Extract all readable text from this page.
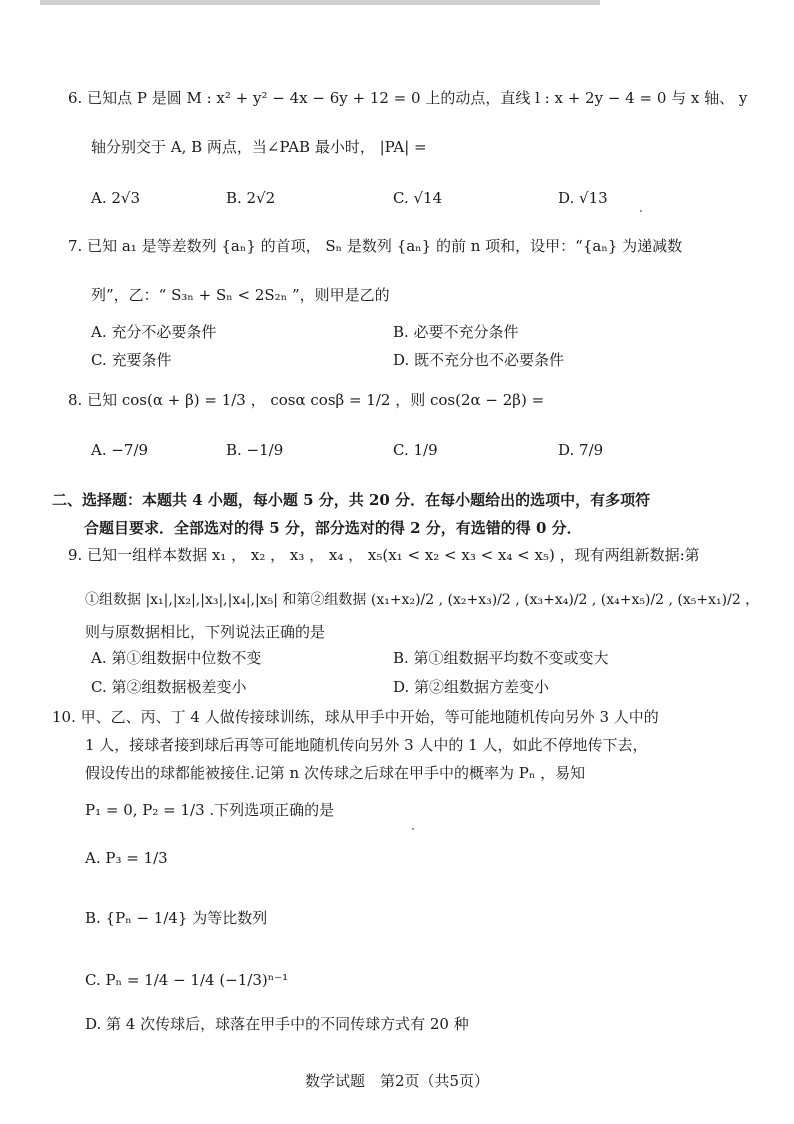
6. 已知点 P 是圆 M : x² + y² − 4x − 6y + 12 = 0 上的动点，直线 l : x + 2y − 4 = 0 与 x 轴、 y
轴分别交于 A, B 两点，当∠PAB 最小时， |PA| =
A. 2√3	B. 2√2	C. √14	D. √13
7. 已知 a₁ 是等差数列 {aₙ} 的首项， Sₙ 是数列 {aₙ} 的前 n 项和，设甲：“{aₙ} 为递减数
列”，乙：“ S₃ₙ + Sₙ < 2S₂ₙ ”，则甲是乙的
A. 充分不必要条件	B. 必要不充分条件
C. 充要条件	D. 既不充分也不必要条件
8. 已知 cos(α + β) = 1/3 ， cosα cosβ = 1/2 ，则 cos(2α − 2β) =
A. −7/9	B. −1/9	C. 1/9	D. 7/9
二、选择题：本题共 4 小题，每小题 5 分，共 20 分．在每小题给出的选项中，有多项符
合题目要求．全部选对的得 5 分，部分选对的得 2 分，有选错的得 0 分．
9. 已知一组样本数据 x₁ ， x₂ ， x₃ ， x₄ ， x₅(x₁ < x₂ < x₃ < x₄ < x₅) ，现有两组新数据:第
①组数据 |x₁|,|x₂|,|x₃|,|x₄|,|x₅| 和第②组数据 (x₁+x₂)/2 , (x₂+x₃)/2 , (x₃+x₄)/2 , (x₄+x₅)/2 , (x₅+x₁)/2 ，
则与原数据相比，下列说法正确的是
A. 第①组数据中位数不变	B. 第①组数据平均数不变或变大
C. 第②组数据极差变小	D. 第②组数据方差变小
10. 甲、乙、丙、丁 4 人做传接球训练，球从甲手中开始，等可能地随机传向另外 3 人中的
1 人，接球者接到球后再等可能地随机传向另外 3 人中的 1 人，如此不停地传下去，
假设传出的球都能被接住.记第 n 次传球之后球在甲手中的概率为 Pₙ ，易知
P₁ = 0, P₂ = 1/3 .下列选项正确的是
A. P₃ = 1/3
B. {Pₙ − 1/4} 为等比数列
C. Pₙ = 1/4 − 1/4 (−1/3)ⁿ⁻¹
D. 第 4 次传球后，球落在甲手中的不同传球方式有 20 种
数学试题　第2页（共5页）
